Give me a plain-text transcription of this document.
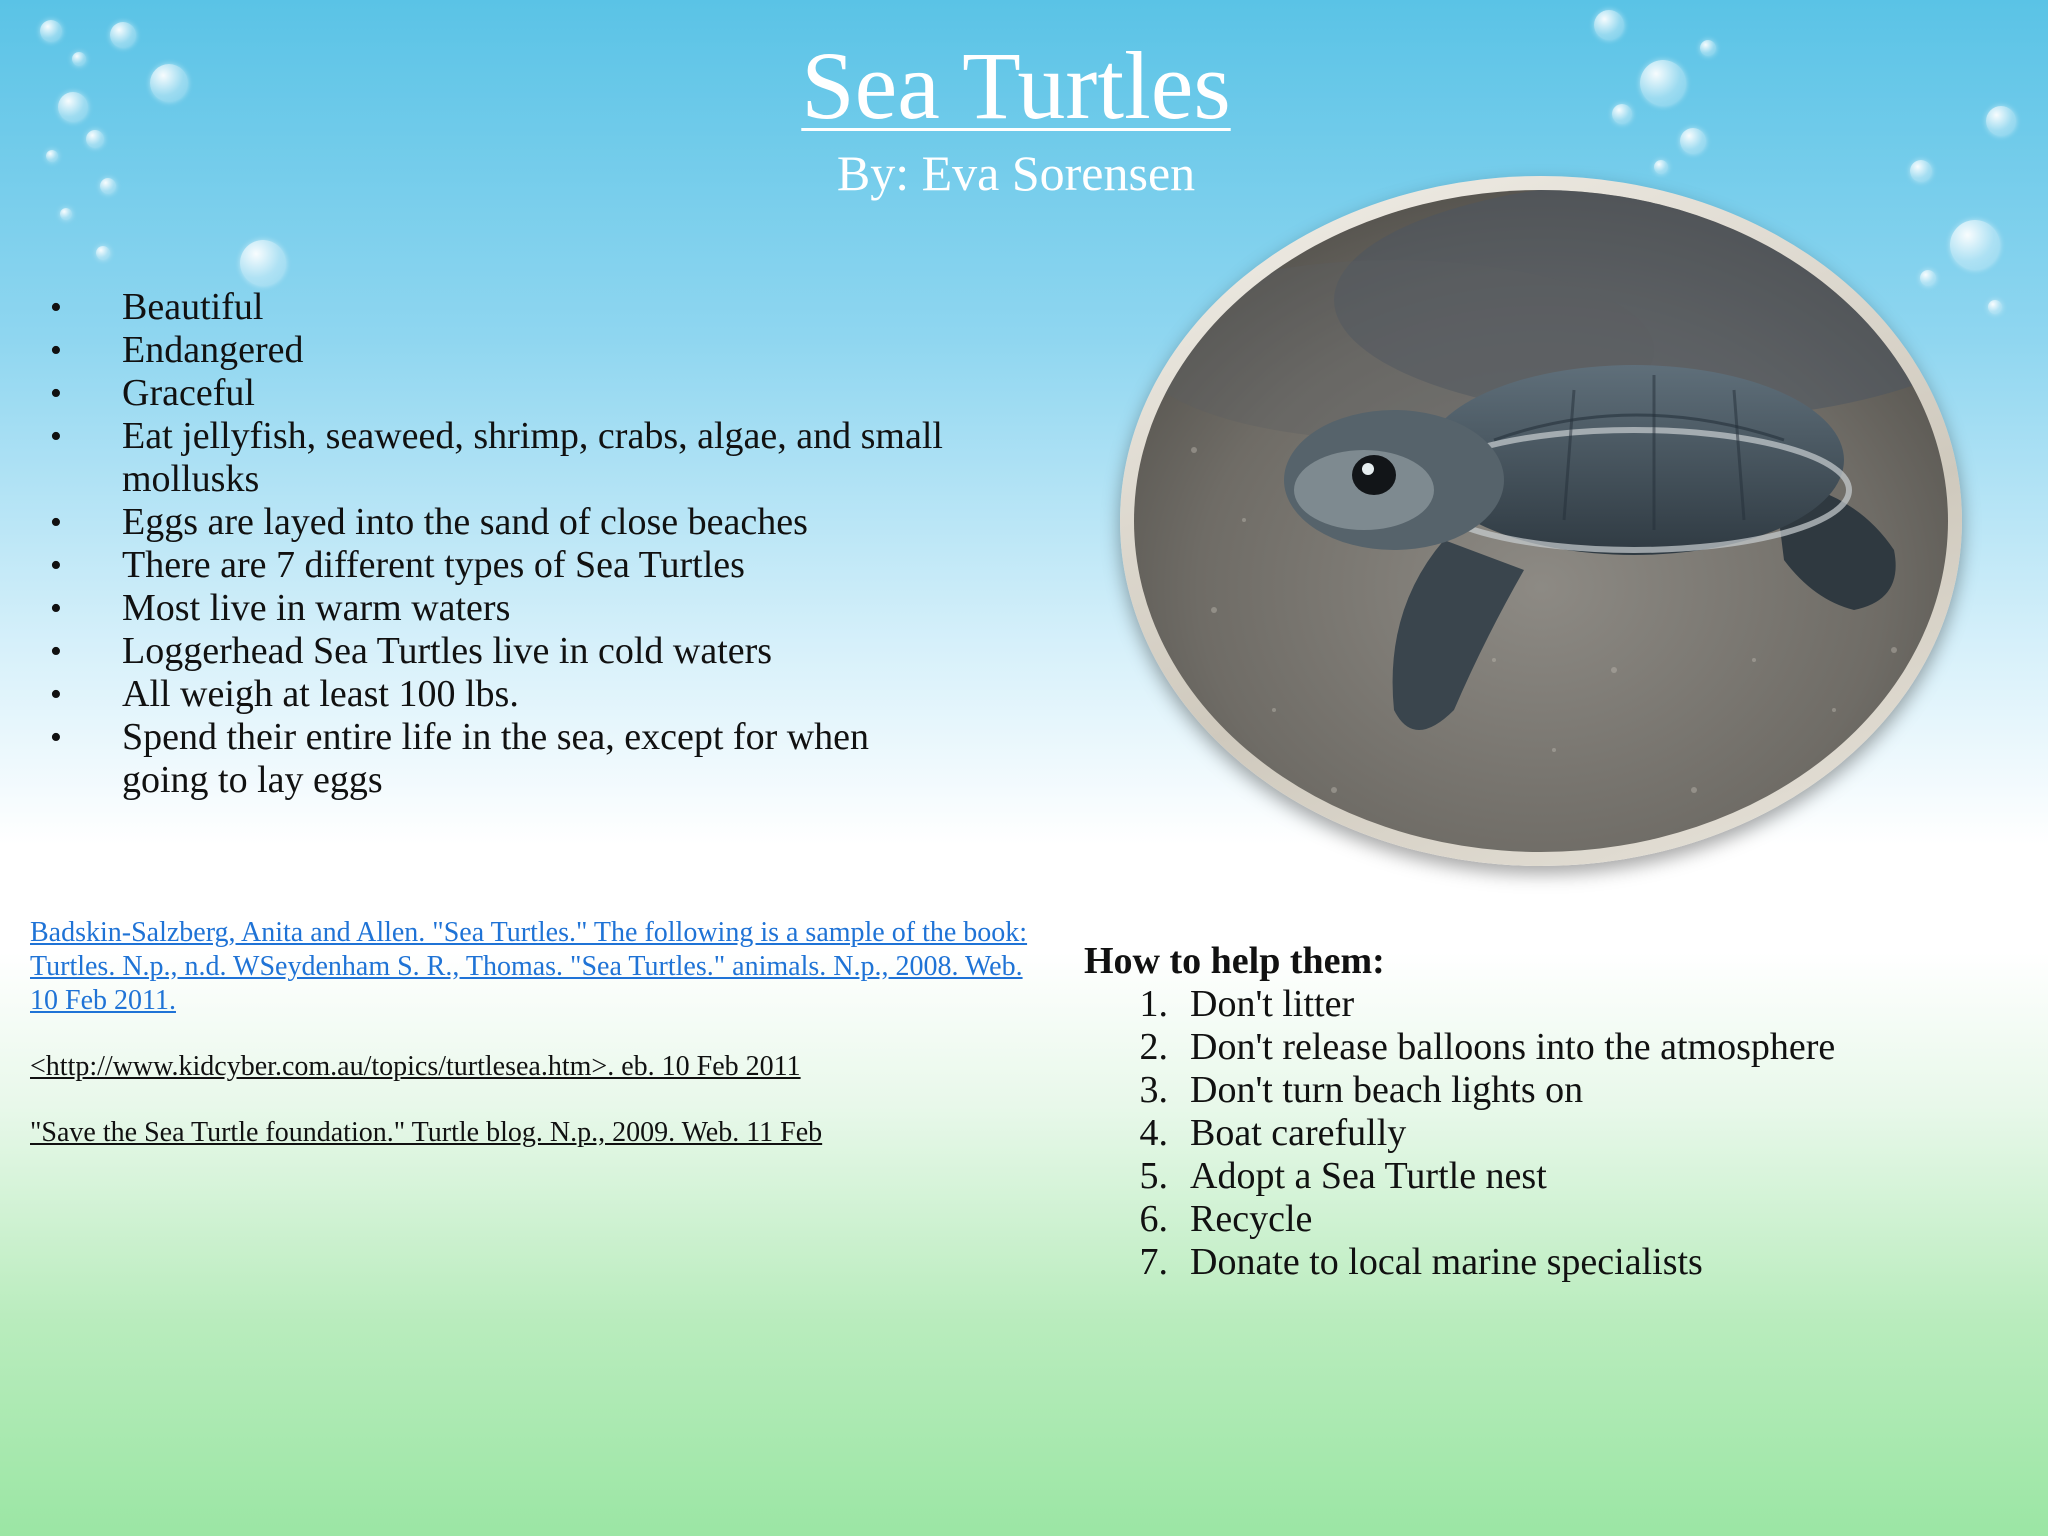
Sea Turtles
By: Eva Sorensen
• Beautiful
• Endangered
• Graceful
• Eat jellyfish, seaweed, shrimp, crabs, algae, and small mollusks
• Eggs are layed into the sand of close beaches
• There are 7 different types of Sea Turtles
• Most live in warm waters
• Loggerhead Sea Turtles live in cold waters
• All weigh at least 100 lbs.
• Spend their entire life in the sea, except for when going to lay eggs
Badskin-Salzberg, Anita and Allen. "Sea Turtles." The following is a sample of the book: Turtles. N.p., n.d. WSeydenham S. R., Thomas. "Sea Turtles." animals. N.p., 2008. Web. 10 Feb 2011.
<http://www.kidcyber.com.au/topics/turtlesea.htm>. eb. 10 Feb 2011
"Save the Sea Turtle foundation." Turtle blog. N.p., 2009. Web. 11 Feb

How to help them:

1. Don't litter
2. Don't release balloons into the atmosphere
3. Don't turn beach lights on
4. Boat carefully
5. Adopt a Sea Turtle nest
6. Recycle
7. Donate to local marine specialists
